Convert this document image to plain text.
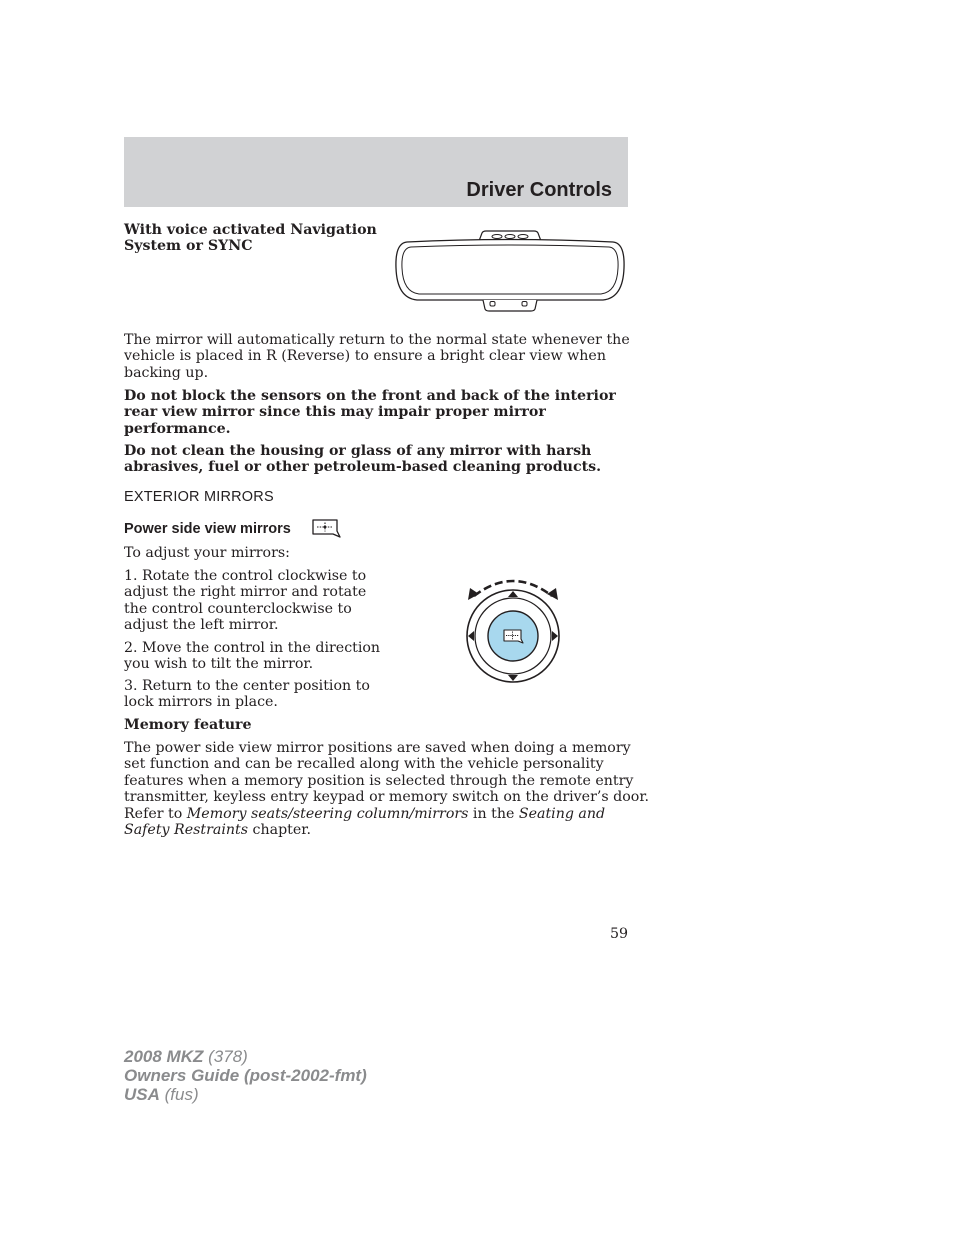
Driver Controls

With voice activated Navigation
System or SYNC

The mirror will automatically return to the normal state whenever the
vehicle is placed in R (Reverse) to ensure a bright clear view when
backing up.

Do not block the sensors on the front and back of the interior
rear view mirror since this may impair proper mirror
performance.

Do not clean the housing or glass of any mirror with harsh
abrasives, fuel or other petroleum-based cleaning products.

EXTERIOR MIRRORS

Power side view mirrors

To adjust your mirrors:

1. Rotate the control clockwise to
adjust the right mirror and rotate
the control counterclockwise to
adjust the left mirror.

2. Move the control in the direction
you wish to tilt the mirror.

3. Return to the center position to
lock mirrors in place.

Memory feature

The power side view mirror positions are saved when doing a memory
set function and can be recalled along with the vehicle personality
features when a memory position is selected through the remote entry
transmitter, keyless entry keypad or memory switch on the driver’s door.
Refer to Memory seats/steering column/mirrors in the Seating and
Safety Restraints chapter.

59

2008 MKZ (378)
Owners Guide (post-2002-fmt)
USA (fus)
